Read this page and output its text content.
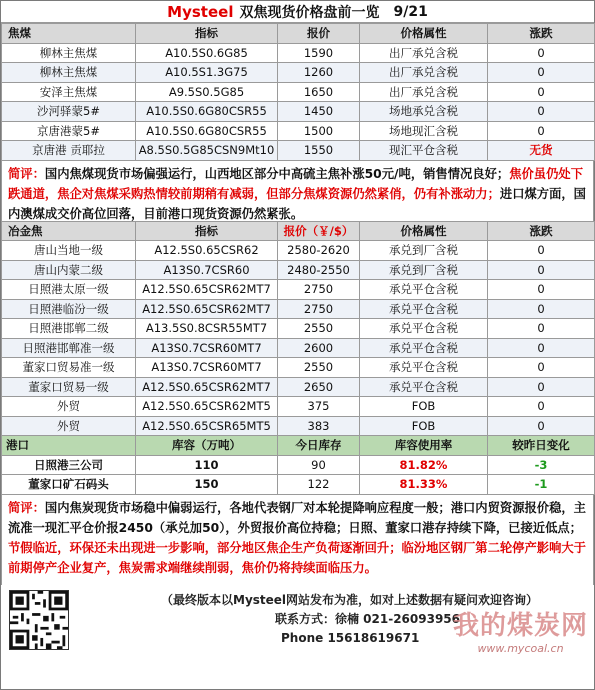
Mysteel 双焦现货价格盘前一览 9/21
焦煤	指标	报价	价格属性	涨跌
柳林主焦煤	A10.5S0.6G85	1590	出厂承兑含税	0
柳林主焦煤	A10.5S1.3G75	1260	出厂承兑含税	0
安泽主焦煤	A9.5S0.5G85	1650	出厂承兑含税	0
沙河驿蒙5#	A10.5S0.6G80CSR55	1450	场地承兑含税	0
京唐港蒙5#	A10.5S0.6G80CSR55	1500	场地现汇含税	0
京唐港 贡耶拉	A8.5S0.5G85CSN9Mt10	1550	现汇平仓含税	无货
简评：国内焦煤现货市场偏强运行，山西地区部分中高硫主焦补涨50元/吨，销售情况良好；焦价虽仍处下跌通道，焦企对焦煤采购热情较前期稍有减弱，但部分焦煤资源仍然紧俏，仍有补涨动力；进口煤方面，国内澳煤成交价高位回落，目前港口现货资源仍然紧张。
冶金焦	指标	报价（￥/$）	价格属性	涨跌
唐山当地一级	A12.5S0.65CSR62	2580-2620	承兑到厂含税	0
唐山内蒙二级	A13S0.7CSR60	2480-2550	承兑到厂含税	0
日照港太原一级	A12.5S0.65CSR62MT7	2750	承兑平仓含税	0
日照港临汾一级	A12.5S0.65CSR62MT7	2750	承兑平仓含税	0
日照港邯郸二级	A13.5S0.8CSR55MT7	2550	承兑平仓含税	0
日照港邯郸准一级	A13S0.7CSR60MT7	2600	承兑平仓含税	0
董家口贸易准一级	A13S0.7CSR60MT7	2550	承兑平仓含税	0
董家口贸易一级	A12.5S0.65CSR62MT7	2650	承兑平仓含税	0
外贸	A12.5S0.65CSR62MT5	375	FOB	0
外贸	A12.5S0.65CSR65MT5	383	FOB	0
港口	库容（万吨）	今日库存	库容使用率	较昨日变化
日照港三公司	110	90	81.82%	-3
董家口矿石码头	150	122	81.33%	-1
简评：国内焦炭现货市场稳中偏弱运行，各地代表钢厂对本轮提降响应程度一般；港口内贸资源报价稳，主流准一现汇平仓价报2450（承兑加50），外贸报价高位持稳；日照、董家口港存持续下降，已接近低点；节假临近，环保还未出现进一步影响，部分地区焦企生产负荷逐渐回升；临汾地区钢厂第二轮停产影响大于前期停产企业复产，焦炭需求端继续削弱，焦价仍将持续面临压力。
（最终版本以Mysteel网站发布为准，如对上述数据有疑问欢迎咨询）
联系方式：徐楠 021-26093956
Phone 15618619671	我的煤炭网
www.mycoal.cn
